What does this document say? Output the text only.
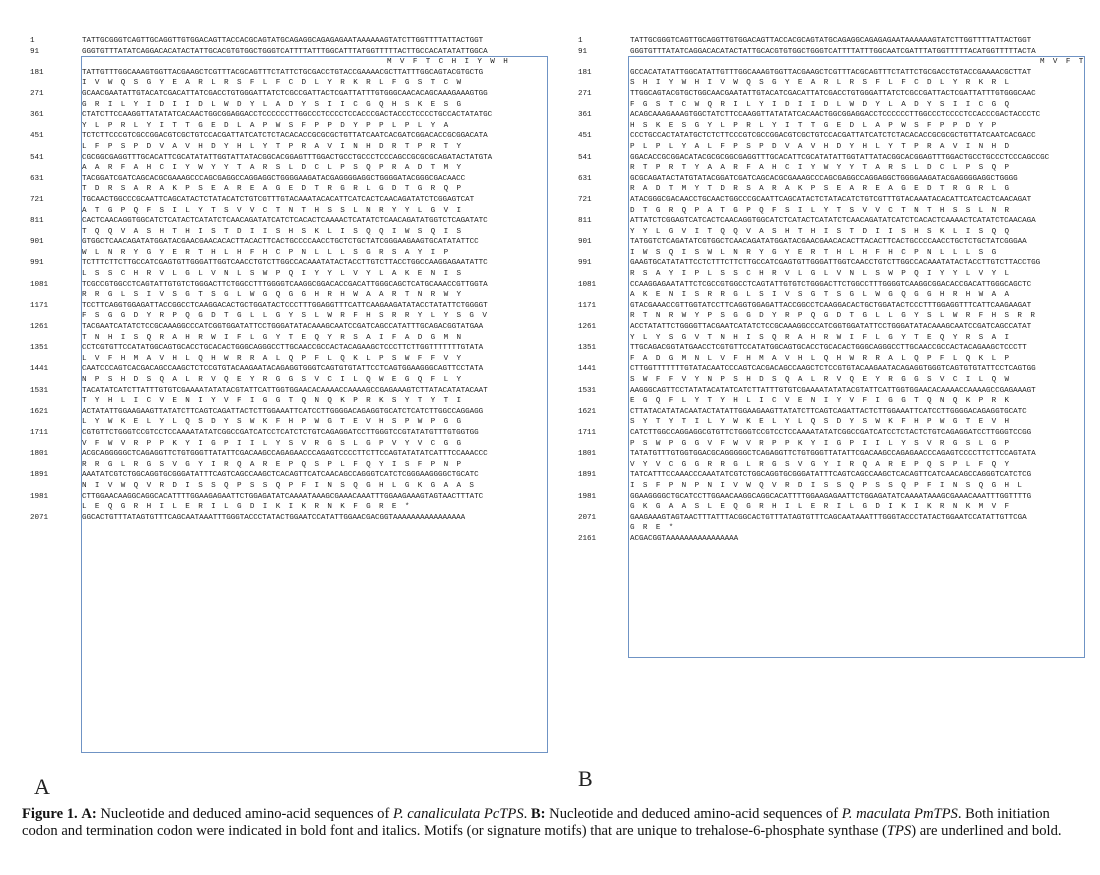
1	TATTGCGGGTCAGTTGCAGGTTGTGGACAGTTACCACGCAGTATGCAGAGGCAGAGAGAATAAAAAAGTATCTTGGTTTTATTACTGGT
91	GGGTGTTTATATCAGGACACATACTATTGCACGTGTGGCTGGGTCATTTTATTTGGCATTTATGGTTTTTACTTGCCACATATATTGGCA
M V F T C H I Y W H
181	TATTGTTTGGCAAAGTGGTTACGAAGCTCGTTTACGCAGTTTCTATTCTGCGACCTGTACCGAAAACGCTTATTTGGCAGTACGTGCTG
I V W Q S G Y E A R L R S F L F C D L Y R K R L F G S T C W
271	GCAACGAATATTGTACATCGACATTATCGACCTGTGGGATTATCTCGCCGATTACTCGATTATTTGTGGGCAACACAGCAAAGAAAGTGG
G R I L Y I D I I D L W D Y L A D Y S I I C G Q H S K E S G
361	CTATCTTCCAAGGTTATATATCACAACTGGCGGAGGACCTCCCCCCTTGGCCCTCCCCTCCACCCGACTACCCTCCCCTGCCACTATATGC
Y L P R L Y I T T G E D L A P W S F P P D Y P P L P L Y A
451	TCTCTTCCCGTCGCCGGACGTCGCTGTCCACGATTATCATCTCTACACACCGCGCGCTGTTATCAATCACGATCGGACACCGCGGACATA
L F P S P D V A V H D Y H L Y T P R A V I N H D R T P R T Y
541	CGCGGCGAGGTTTGCACATTCGCATATATTGGTATTATACGGCACGGAGTTTGGACTGCCTGCCCTCCCAGCCGCGCGCAGATACTATGTA
A A R F A H C I Y W Y Y T A R S L D C L P S Q P R A D T M Y
631	TACGGATCGATCAGCACGCGAAAGCCCAGCGAGGCCAGGAGGCTGGGGAAGATACGAGGGGAGGCTGGGGATACGGGCGACAACC
T D R S A R A K P S E A R E A G E D T R G R L G D T G R Q P
721	TGCAACTGGCCCGCAATTCAGCATACTCTATACATCTGTCGTTTGTACAAATACACATTCATCACTCAACAGATATCTCGGAGTCAT
A T G P Q F S I L Y T S V V C T N T H S S L N R Y Y L G V I
811	CACTCAACAGGTGGCATCTCATACTCATATCTCAACAGATATCATCTCACACTCAAAACTCATATCTCAACAGATATGGTCTCAGATATC
T Q Q V A S H T H I S T D I I S H S K L I S Q Q I W S Q I S
901	GTGGCTCAACAGATATGGATACGAACGAACACACTTACACTTCACTGCCCCAACCTGCTCTGCTATCGGGAAGAAGTGCATATATTCC
W L N R Y G Y E R T H L H F H C P N L L L S G R S A Y I P
991	TCTTTCTTCTTGCCATCGAGTGTTGGGATTGGTCAACCTGTCTTGGCCACAAATATACTACCTTGTCTTACCTGGCCAAGGAGAATATTC
L S S C H R V L G L V N L S W P Q I Y Y L V Y L A K E N I S
1081	TCGCCGTGGCCTCAGTATTGTGTCTGGGACTTCTGGCCTTTGGGGTCAAGGCGGACACCGACATTGGGCAGCTCATGCAAACCGTTGGTA
R R G L S I V S G T S G L W G Q G G H R H W A A R T N R W Y
1171	TCCTTCAGGTGGAGATTACCGGCCTCAAGGACACTGCTGGATACTCCCTTTGGAGGTTTCATTCAAGAAGATATACCTATATTCTGGGGT
F S G G D Y R P Q G D T G L L G Y S L W R F H S R R Y L Y S G V
1261	TACGAATCATATCTCCGCAAAGGCCCATCGGTGGATATTCCTGGGATATACAAAGCAATCCGATCAGCCATATTTGCAGACGGTATGAA
T N H I S Q R A H R W I F L G Y T E Q Y R S A I F A D G M N
1351	CCTCGTGTTCCATATGGCAGTGCACCTGCACACTGGGCAGGGCCTTGCAACCGCCACTACAGAAGCTCCCTTCTTGGTTTTTTTGTATA
L V F H M A V H L Q H W R R A L Q P F L Q K L P S W F F V Y
1441	CAATCCCAGTCACGACAGCCAAGCTCTCCGTGTACAAGAATACAGAGGTGGGTCAGTGTGTATTCCTCAGTGGAAGGGCAGTTCCTATA
N P S H D S Q A L R V Q E Y R G G S V C I L Q W E G Q F L Y
1531	TACATATCATCTTATTTGTGTCGAAAATATATACGTATTCATTGGTGGAACACAAAACCAAAAGCCGAGAAAGTCTTATACATATACAAT
T Y H L I C V E N I Y V F I G G T Q N Q K P R K S Y T Y T I
1621	ACTATATTGGAAGAAGTTATATCTTCAGTCAGATTACTCTTGGAAATTCATCCTTGGGGACAGAGGTGCATCTCATCTTGGCCAGGAGG
L Y W K E L Y L Q S D Y S W K F H P W G T E V H S P W P G G
1711	CGTGTTCTGGGTCCGTCCTCCAAAATATATCGGCCGATCATCCTCATCTCTGTCAGAGGATCCTTGGGTCCGTATATGTTTGTGGTGG
V F W V R P P K Y I G P I I L Y S V R G S L G P V Y V C G G
1801	ACGCAGGGGGCTCAGAGGTTCTGTGGGTTATATTCGACAAGCCAGAGAACCCAGAGTCCCCTTCTTCCAGTATATATCATTTCCAAACCC
R R G L R G S V G Y I R Q A R E P Q S P L F Q Y I S F P N P
1891	AAATATCGTCTGGCAGGTGCGGGATATTTCAGTCAGCCAAGCTCACAGTTCATCAACAGCCAGGGTCATCTCGGGAAGGGGCTGCATC
N I V W Q V R D I S S Q P S S Q P F I N S Q G H L G K G A A S
1981	CTTGGAACAAGGCAGGCACATTTTGGAAGAGAATTCTGGAGATATCAAAATAAAGCGAAACAAATTTGGAAGAAAGTAGTAACTTTATC
L E Q G R H I L E R I L G D I K I K R N K F G R E *
2071	GGCACTGTTTATAGTGTTTCAGCAATAAATTTGGGTACCCTATACTGGAATCCATATTGGAACGACGGTAAAAAAAAAAAAAAAA
1	TATTGCGGGTCAGTTGCAGGTTGTGGACAGTTACCACGCAGTATGCAGAGGCAGAGAGAATAAAAAAGTATCTTGGTTTTATTACTGGT
91	GGGTGTTTATATCAGGACACATACTATTGCACGTGTGGCTGGGTCATTTTATTTGGCAATCGATTTATGGTTTTTACATGGTTTTTACTA
M V F T
181	GCCACATATATTGGCATATTGTTTGGCAAAGTGGTTACGAAGCTCGTTTACGCAGTTTCTATTCTGCGACCTGTACCGAAAACGCTTAT
S H I Y W H I V W Q S G Y E A R L R S F L F C D L Y R K R L
271	TTGGCAGTACGTGCTGGCAACGAATATTGTACATCGACATTATCGACCTGTGGGATTATCTCGCCGATTACTCGATTATTTGTGGGCAAC
F G S T C W Q R I L Y I D I I D L W D Y L A D Y S I I C G Q
361	ACAGCAAAGAAAGTGGCTATCTTCCAAGGTTATATATCACAACTGGCGGAGGACCTCCCCCCTTGGCCCTCCCCTCCACCCGACTACCCTC
H S K E S G Y L P R L Y I T T G E D L A P W S F P P D Y P
451	CCCTGCCACTATATGCTCTCTTCCCGTCGCCGGACGTCGCTGTCCACGATTATCATCTCTACACACCGCGCGCTGTTATCAATCACGACC
P L P L Y A L F P S P D V A V H D Y H L Y T P R A V I N H D
541	GGACACCGCGGACATACGCGCGGCGAGGTTTGCACATTCGCATATATTGGTATTATACGGCACGGAGTTTGGACTGCCTGCCCTCCCAGCCGC
R T P R T Y A A R F A H C I Y W Y Y T A R S L D C L P S Q P
631	GCGCAGATACTATGTATACGGATCGATCAGCACGCGAAAGCCCAGCGAGGCCAGGAGGCTGGGGAAGATACGAGGGGAGGCTGGGG
R A D T M Y T D R S A R A K P S E A R E A G E D T R G R L G
721	ATACGGGCGACAACCTGCAACTGGCCCGCAATTCAGCATACTCTATACATCTGTCGTTTGTACAAATACACATTCATCACTCAACAGAT
D T G R Q P A T G P Q F S I L Y T S V V C T N T H S S L N R
811	ATTATCTCGGAGTCATCACTCAACAGGTGGCATCTCATACTCATATCTCAACAGATATCATCTCACACTCAAAACTCATATCTCAACAGA
Y Y L G V I T Q Q V A S H T H I S T D I I S H S K L I S Q Q
901	TATGGTCTCAGATATCGTGGCTCAACAGATATGGATACGAACGAACACACTTACACTTCACTGCCCCAACCTGCTCTGCTATCGGGAA
I W S Q I S W L N R Y G Y E R T H L H F H C P N L L L S G
991	GAAGTGCATATATTCCTCTTTCTTCTTGCCATCGAGTGTTGGGATTGGTCAACCTGTCTTGGCCACAAATATACTACCTTGTCTTACCTGG
R S A Y I P L S S C H R V L G L V N L S W P Q I Y Y L V Y L
1081	CCAAGGAGAATATTCTCGCCGTGGCCTCAGTATTGTGTCTGGGACTTCTGGCCTTTGGGGTCAAGGCGGACACCGACATTGGGCAGCTC
A K E N I S R R G L S I V S G T S G L W G Q G G H R H W A A
1171	GTACGAAACCGTTGGTATCCTTCAGGTGGAGATTACCGGCCTCAAGGACACTGCTGGATACTCCCTTTGGAGGTTTCATTCAAGAAGAT
R T N R W Y P S G G D Y R P Q G D T G L L G Y S L W R F H S R R
1261	ACCTATATTCTGGGGTTACGAATCATATCTCCGCAAAGGCCCATCGGTGGATATTCCTGGGATATACAAAGCAATCCGATCAGCCATAT
Y L Y S G V T N H I S Q R A H R W I F L G Y T E Q Y R S A I
1351	TTGCAGACGGTATGAACCTCGTGTTCCATATGGCAGTGCACCTGCACACTGGGCAGGGCCTTGCAACCGCCACTACAGAAGCTCCCTT
F A D G M N L V F H M A V H L Q H W R R A L Q P F L Q K L P
1441	CTTGGTTTTTTTGTATACAATCCCAGTCACGACAGCCAAGCTCTCCGTGTACAAGAATACAGAGGTGGGTCAGTGTGTATTCCTCAGTGG
S W F F V Y N P S H D S Q A L R V Q E Y R G G S V C I L Q W
1531	AAGGGCAGTTCCTATATACATATCATCTTATTTGTGTCGAAAATATATACGTATTCATTGGTGGAACACAAAACCAAAAGCCGAGAAAGT
E G Q F L Y T Y H L I C V E N I Y V F I G G T Q N Q K P R K
1621	CTTATACATATACAATACTATATTGGAAGAAGTTATATCTTCAGTCAGATTACTCTTGGAAATTCATCCTTGGGGACAGAGGTGCATC
S Y T Y T I L Y W K E L Y L Q S D Y S W K F H P W G T E V H
1711	CATCTTGGCCAGGAGGCGTGTTCTGGGTCCGTCCTCCAAAATATATCGGCCGATCATCCTCTACTCTGTCAGAGGATCCTTGGGTCCGG
P S W P G G V F W V R P P K Y I G P I I L Y S V R G S L G P
1801	TATATGTTTGTGGTGGACGCAGGGGGCTCAGAGGTTCTGTGGGTTATATTCGACAAGCCAGAGAACCCAGAGTCCCCTTCTTCCAGTATA
V Y V C G G R R G L R G S V G Y I R Q A R E P Q S P L F Q Y
1891	TATCATTTCCAAACCCAAATATCGTCTGGCAGGTGCGGGATATTTCAGTCAGCCAAGCTCACAGTTCATCAACAGCCAGGGTCATCTCG
I S F P N P N I V W Q V R D I S S Q P S S Q P F I N S Q G H L
1981	GGAAGGGGCTGCATCCTTGGAACAAGGCAGGCACATTTTGGAAGAGAATTCTGGAGATATCAAAATAAAGCGAAACAAATTTGGTTTTG
G K G A A S L E Q G R H I L E R I L G D I K I K R N K M V F
2071	GAAGAAAGTAGTAACTTTATTTACGGCACTGTTTATAGTGTTTCAGCAATAAATTTGGGTACCCTATACTGGAATCCATATTGTTCGA
G R E *
2161	ACGACGGTAAAAAAAAAAAAAAAA
A	B
Figure 1. A: Nucleotide and deduced amino-acid sequences of P. canaliculata PcTPS. B: Nucleotide and deduced amino-acid sequences of P. maculata PmTPS. Both initiation codon and termination codon were indicated in bold font and italics. Motifs (or signature motifs) that are unique to trehalose-6-phosphate synthase (TPS) are underlined and bold.
